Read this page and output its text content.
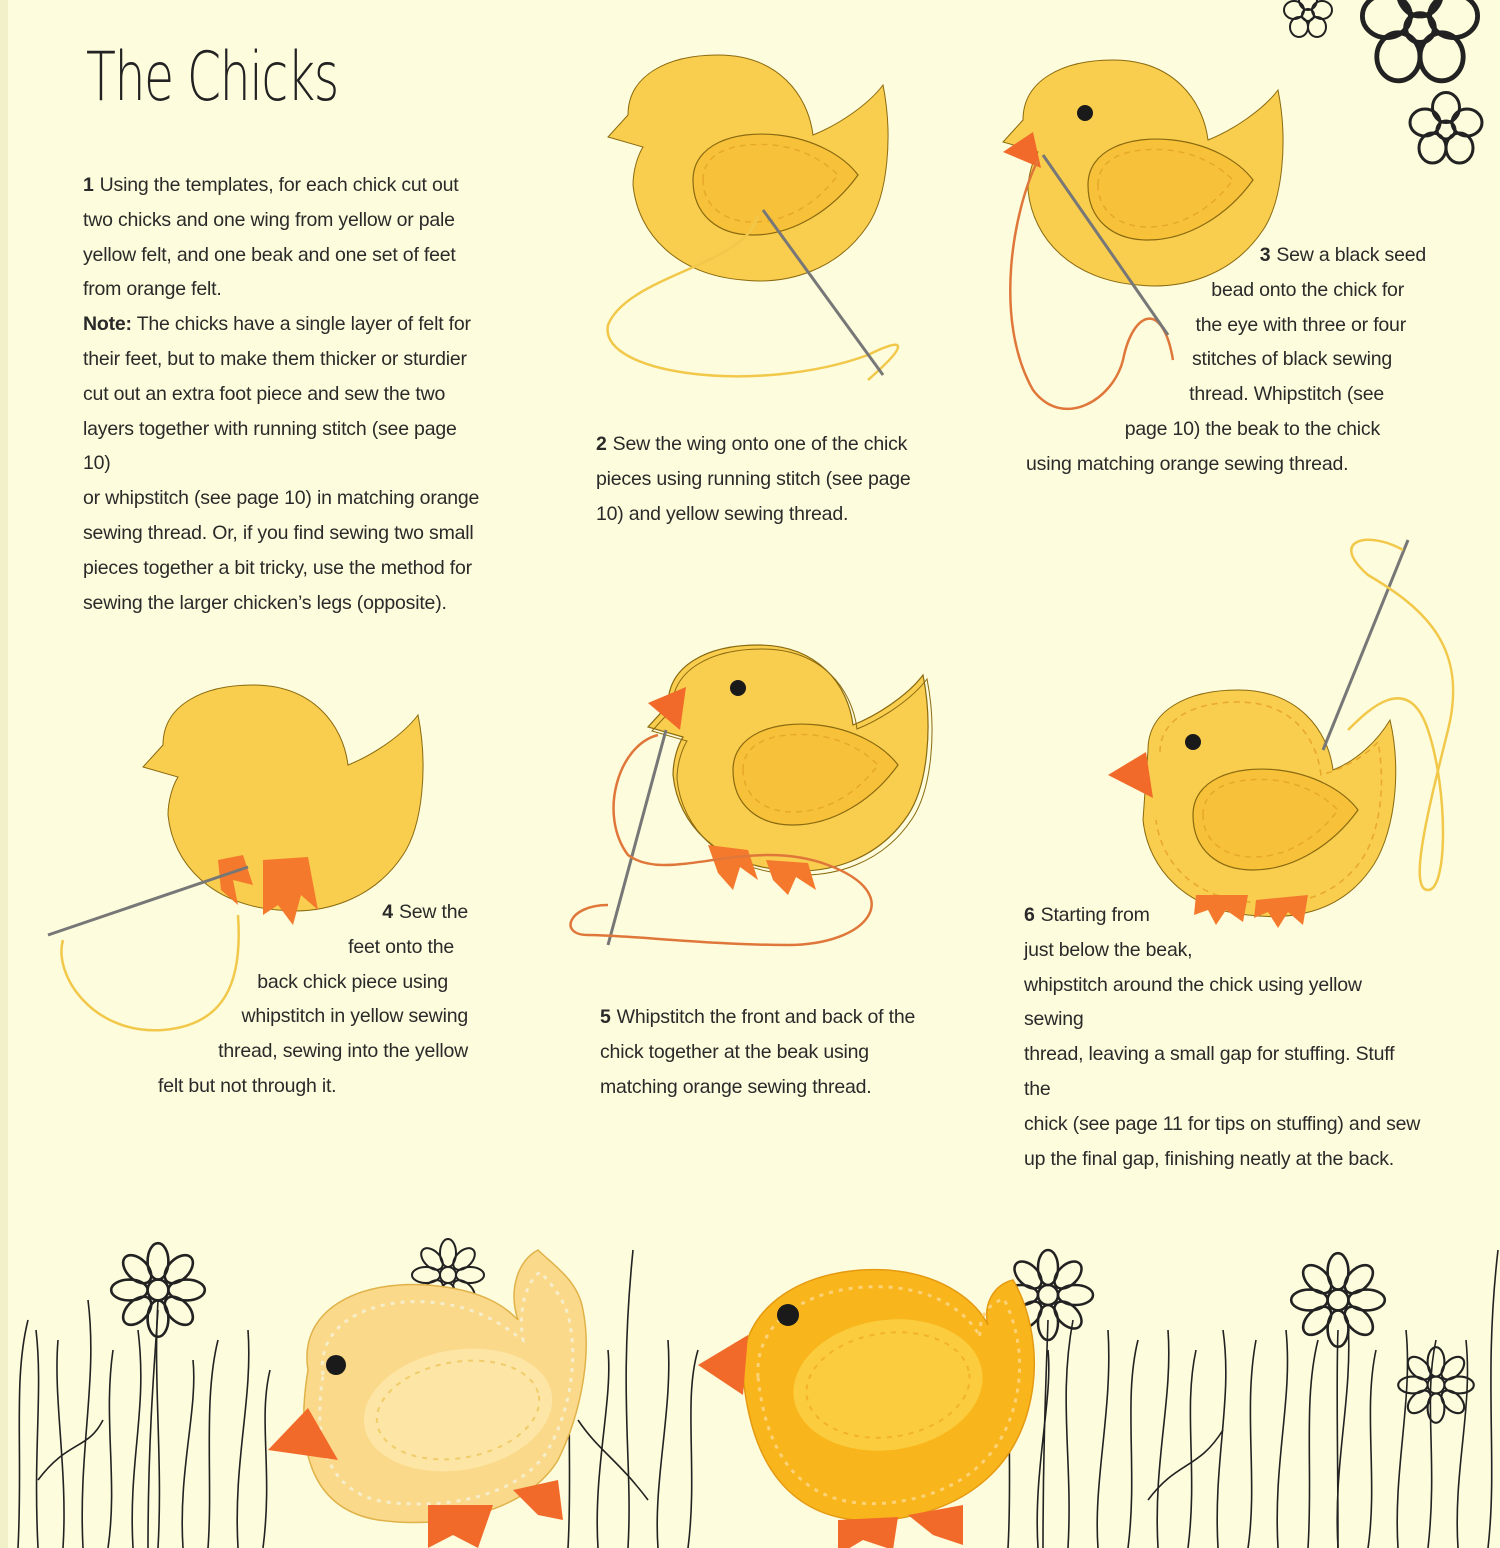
The Chicks

1 Using the templates, for each chick cut out

two chicks and one wing from yellow or pale

yellow felt, and one beak and one set of feet

from orange felt.

Note: The chicks have a single layer of felt for

their feet, but to make them thicker or sturdier

cut out an extra foot piece and sew the two

layers together with running stitch (see page 10)

or whipstitch (see page 10) in matching orange

sewing thread. Or, if you find sewing two small

pieces together a bit tricky, use the method for

sewing the larger chicken’s legs (opposite).

2 Sew the wing onto one of the chick

pieces using running stitch (see page

10) and yellow sewing thread.

3 Sew a black seed

bead onto the chick for

the eye with three or four

stitches of black sewing

thread. Whipstitch (see

page 10) the beak to the chick

using matching orange sewing thread.

4 Sew the

feet onto the

back chick piece using

whipstitch in yellow sewing

thread, sewing into the yellow

felt but not through it.

5 Whipstitch the front and back of the

chick together at the beak using

matching orange sewing thread.

6 Starting from

just below the beak,

whipstitch around the chick using yellow sewing

thread, leaving a small gap for stuffing. Stuff the

chick (see page 11 for tips on stuffing) and sew

up the final gap, finishing neatly at the back.
